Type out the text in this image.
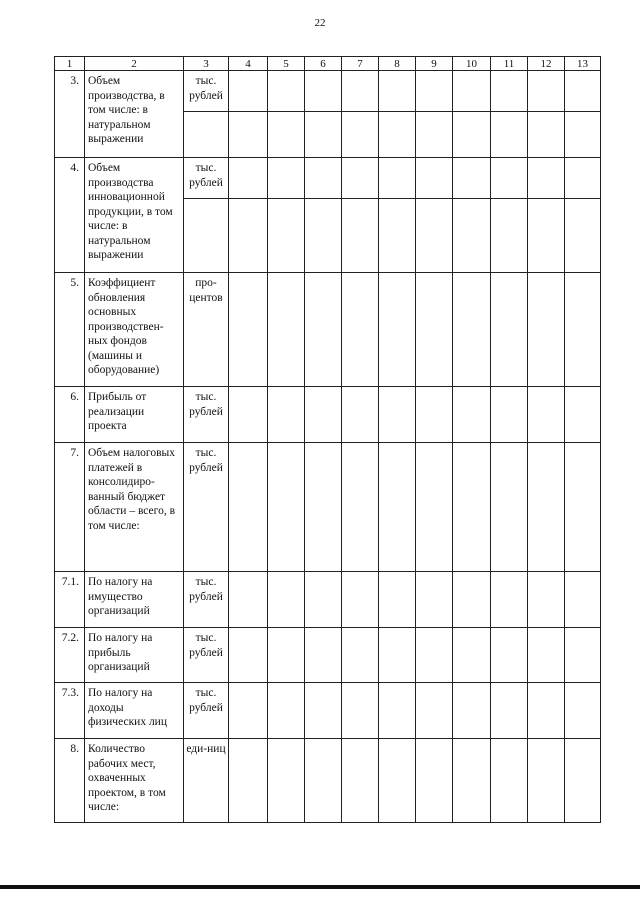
22
1	2	3	4	5	6	7	8	9	10	11	12	13
3.	Объем производства, в том числе: в натуральном выражении	тыс. рублей										

4.	Объем производства инновационной продукции, в том числе: в натуральном выражении	тыс. рублей										

5.	Коэффициент обновления основных производствен-ных фондов (машины и оборудование)	про-центов										
6.	Прибыль от реализации проекта	тыс. рублей										
7.	Объем налоговых платежей в консолидиро-ванный бюджет области – всего, в том числе:	тыс. рублей										
7.1.	По налогу на имущество организаций	тыс. рублей										
7.2.	По налогу на прибыль организаций	тыс. рублей										
7.3.	По налогу на доходы физических лиц	тыс. рублей										
8.	Количество рабочих мест, охваченных проектом, в том числе:	еди-ниц										
